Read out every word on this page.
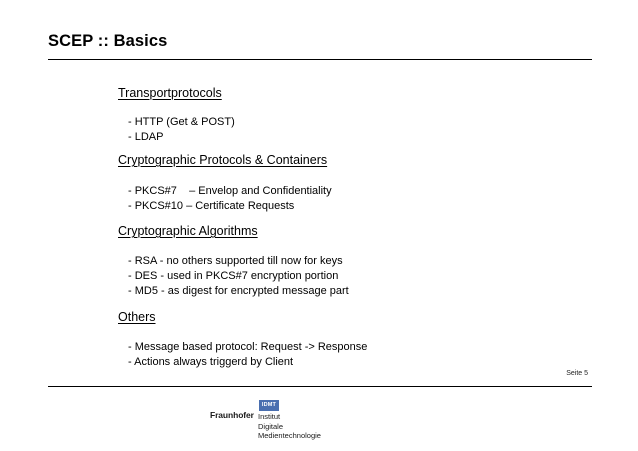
SCEP :: Basics
Transportprotocols
- HTTP (Get & POST)
- LDAP
Cryptographic Protocols & Containers
- PKCS#7    – Envelop and Confidentiality
- PKCS#10 – Certificate Requests
Cryptographic Algorithms
- RSA - no others supported till now for keys
- DES - used in PKCS#7 encryption portion
- MD5 - as digest for encrypted message part
Others
- Message based protocol: Request -> Response
- Actions always triggerd by Client
Seite 5
Fraunhofer
IDMT
Institut
Digitale
Medientechnologie
